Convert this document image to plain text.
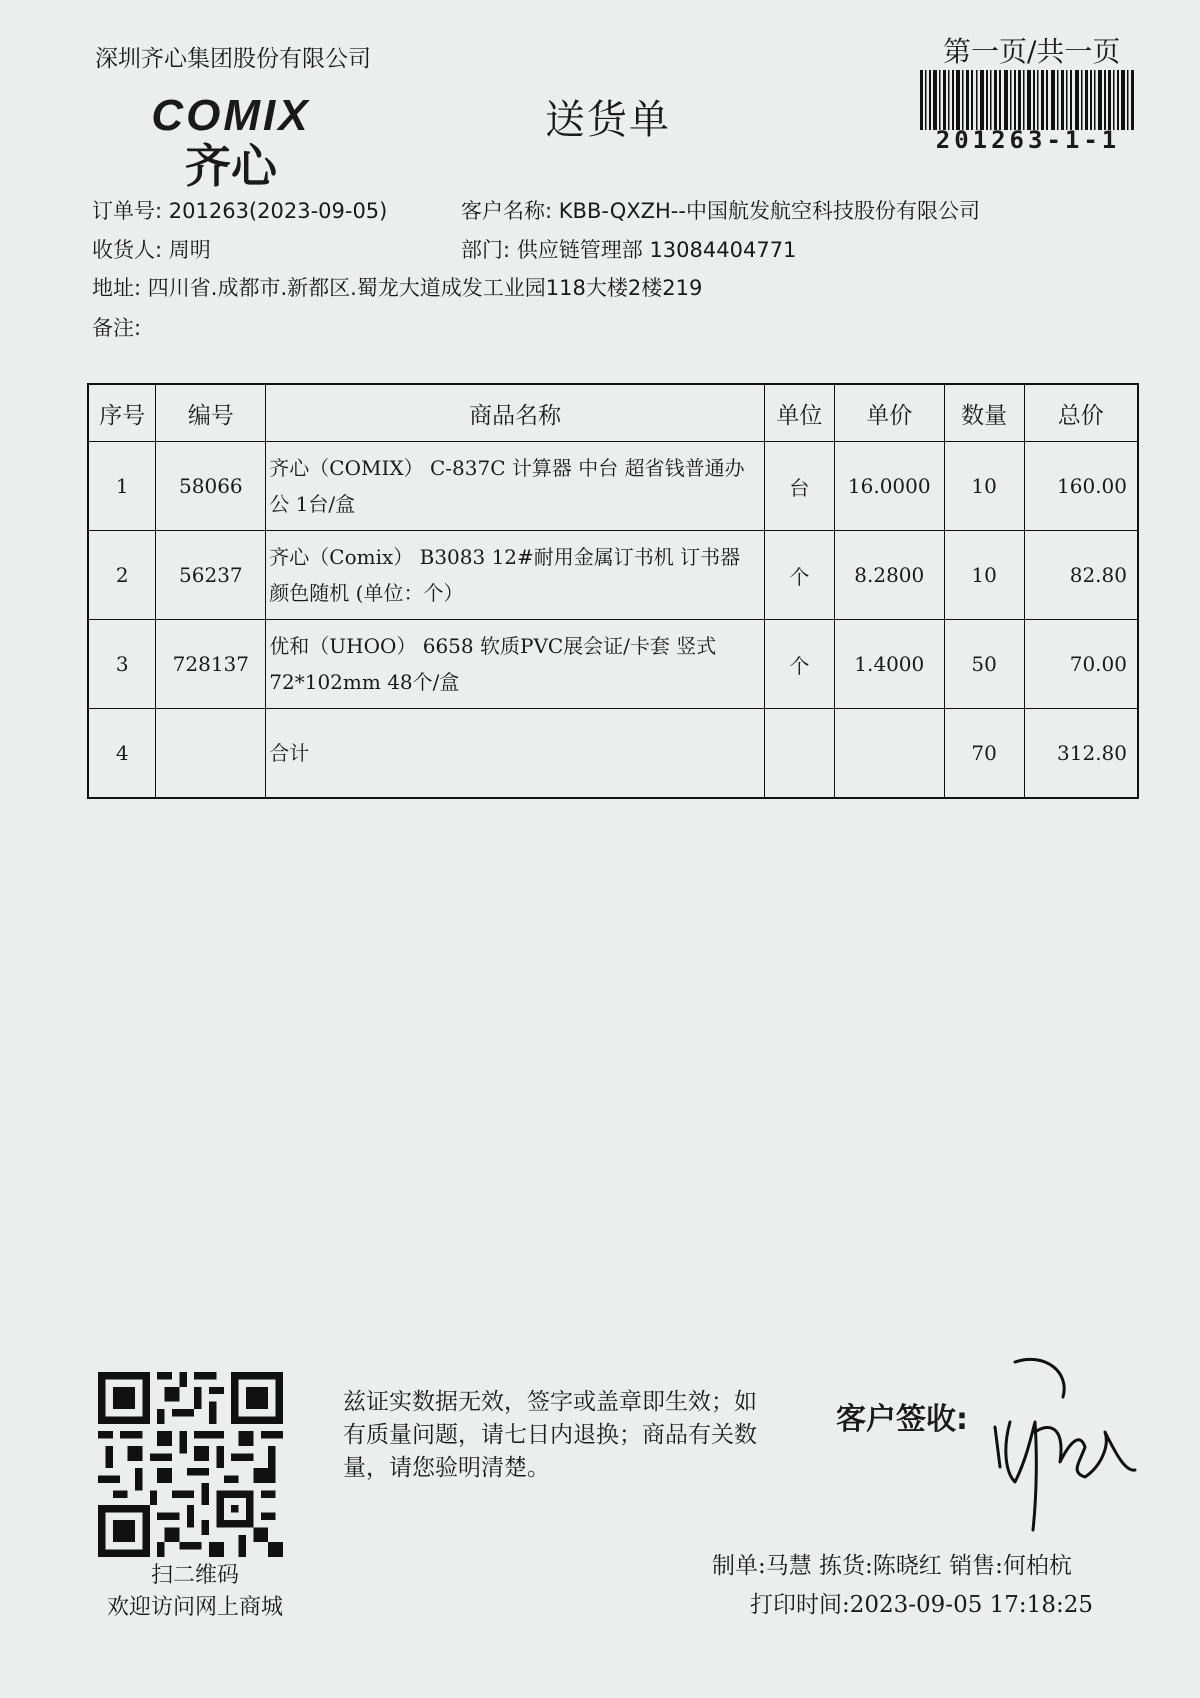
深圳齐心集团股份有限公司	第一页/共一页
201263-1-1
COMIX
齐心
送货单
订单号: 201263(2023-09-05)	客户名称: KBB-QXZH--中国航发航空科技股份有限公司
收货人: 周明	部门: 供应链管理部 13084404771
地址: 四川省.成都市.新都区.蜀龙大道成发工业园118大楼2楼219
备注:
序号	编号	商品名称	单位	单价	数量	总价
1	58066	齐心（COMIX） C-837C 计算器 中台 超省钱普通办公 1台/盒	台	16.0000	10	160.00
2	56237	齐心（Comix） B3083 12#耐用金属订书机 订书器 颜色随机 (单位：个）	个	8.2800	10	82.80
3	728137	优和（UHOO） 6658 软质PVC展会证/卡套 竖式72*102mm 48个/盒	个	1.4000	50	70.00
4		合计			70	312.80
扫二维码
欢迎访问网上商城
兹证实数据无效，签字或盖章即生效；如有质量问题，请七日内退换；商品有关数量，请您验明清楚。
客户签收:
制单:马慧 拣货:陈晓红 销售:何柏杭
打印时间:2023-09-05 17:18:25
